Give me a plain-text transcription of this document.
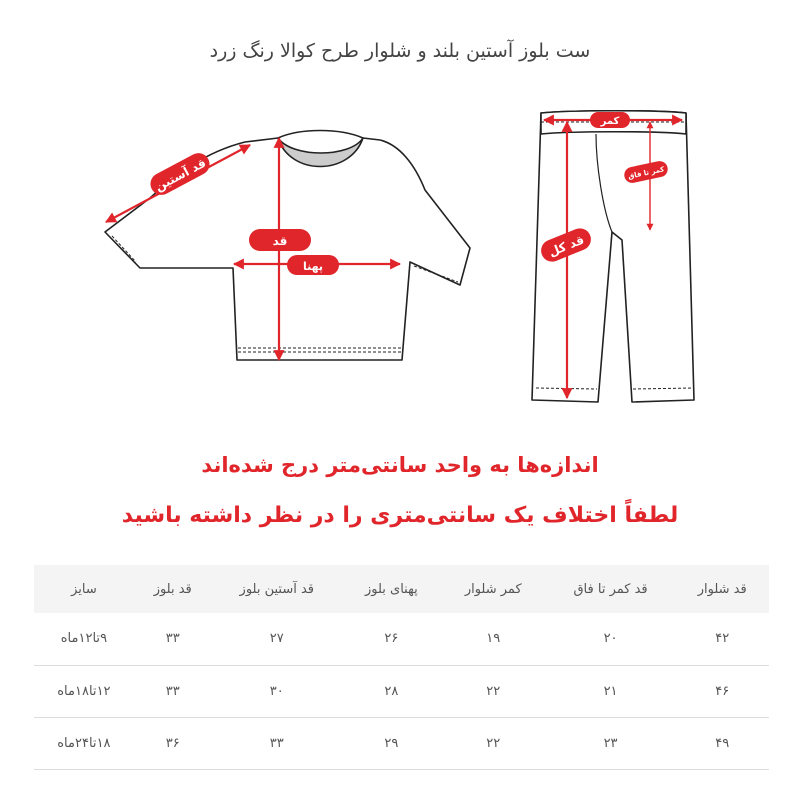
ست بلوز آستین بلند و شلوار طرح کوالا رنگ زرد
قد آستین
قد
پهنا
کمر
کمر تا فاق
قد کل
اندازه‌ها به واحد سانتی‌متر درج شده‌اند
لطفاً اختلاف یک سانتی‌متری را در نظر داشته باشید
قد شلوار	قد کمر تا فاق	کمر شلوار	پهنای بلوز	قد آستین بلوز	قد بلوز	سایز
۴۲	۲۰	۱۹	۲۶	۲۷	۳۳	۹تا۱۲ماه
۴۶	۲۱	۲۲	۲۸	۳۰	۳۳	۱۲تا۱۸ماه
۴۹	۲۳	۲۲	۲۹	۳۳	۳۶	۱۸تا۲۴ماه
